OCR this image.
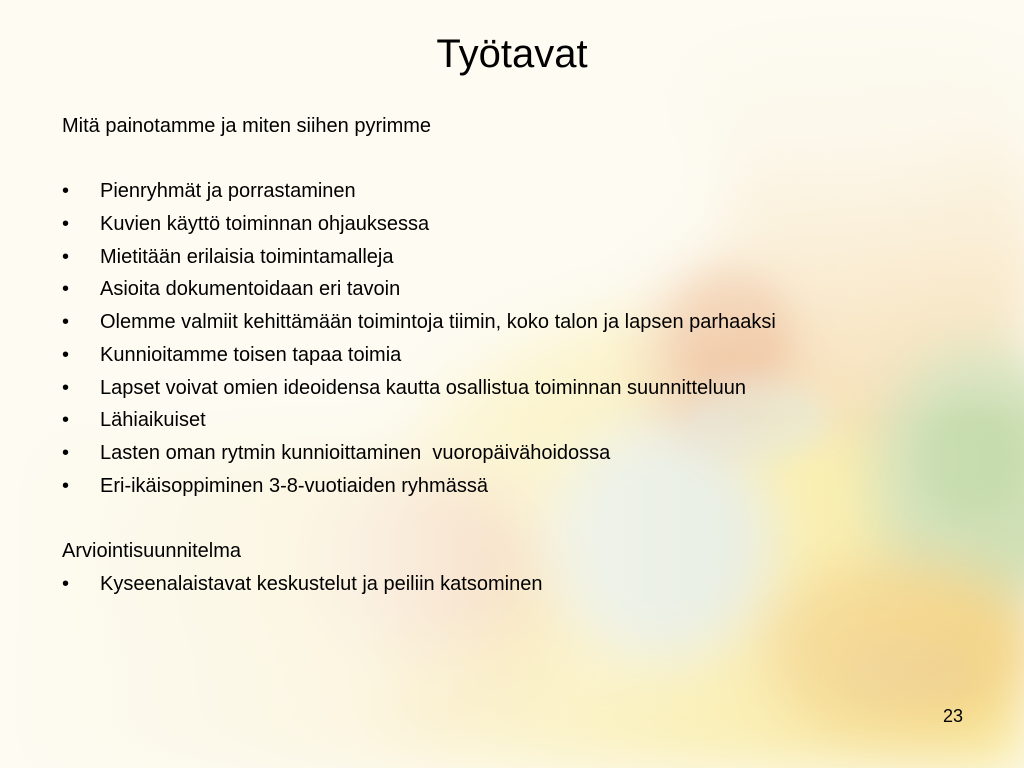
Työtavat
Mitä painotamme ja miten siihen pyrimme
•	Pienryhmät ja porrastaminen
•	Kuvien käyttö toiminnan ohjauksessa
•	Mietitään erilaisia toimintamalleja
•	Asioita dokumentoidaan eri tavoin
•	Olemme valmiit kehittämään toimintoja tiimin, koko talon ja lapsen parhaaksi
•	Kunnioitamme toisen tapaa toimia
•	Lapset voivat omien ideoidensa kautta osallistua toiminnan suunnitteluun
•	Lähiaikuiset
•	Lasten oman rytmin kunnioittaminen  vuoropäivähoidossa
•	Eri-ikäisoppiminen 3-8-vuotiaiden ryhmässä
Arviointisuunnitelma
•	Kyseenalaistavat keskustelut ja peiliin katsominen
23
